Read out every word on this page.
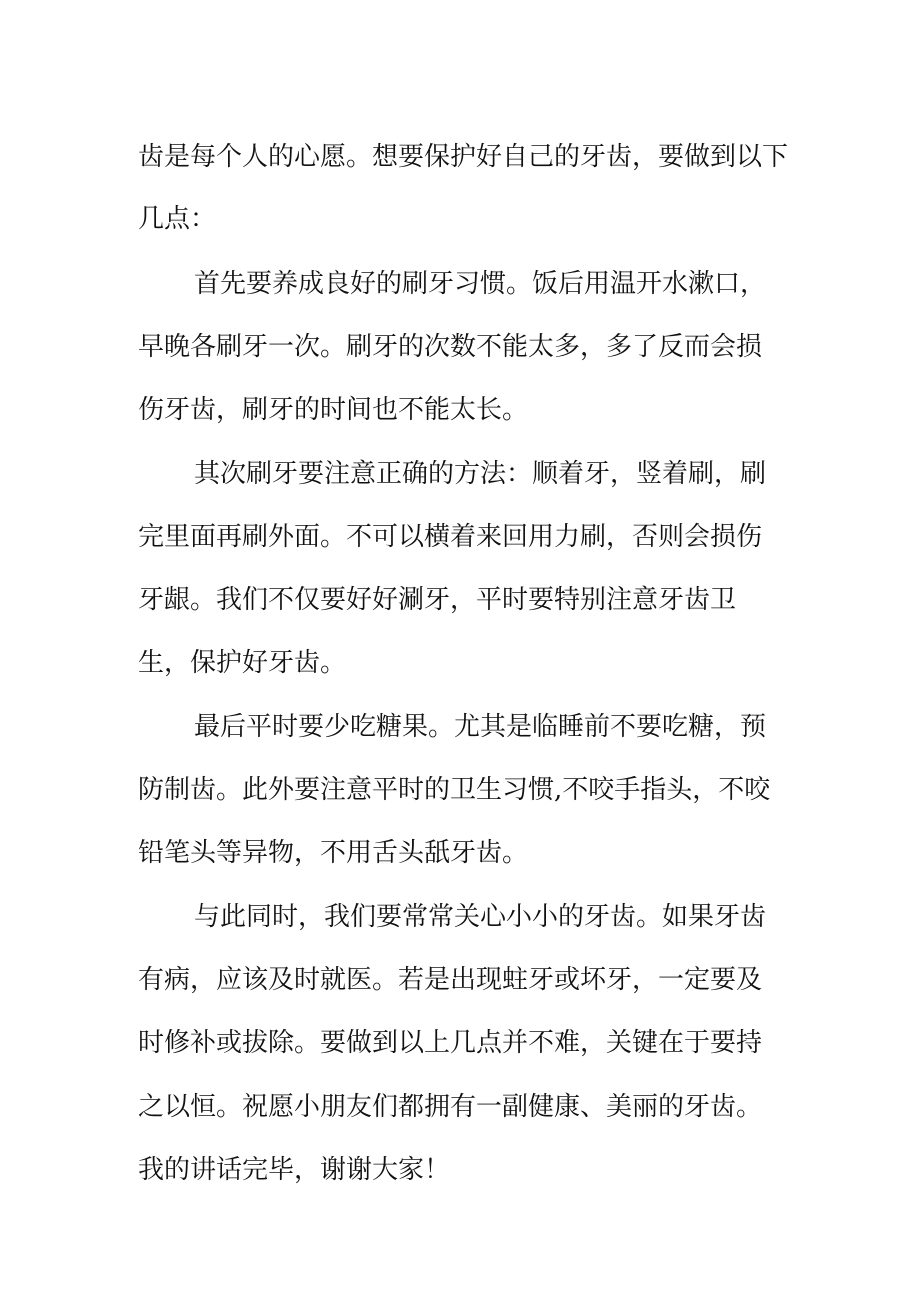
齿是每个人的心愿。想要保护好自己的牙齿，要做到以下
几点：
首先要养成良好的刷牙习惯。饭后用温开水漱口，
早晚各刷牙一次。刷牙的次数不能太多，多了反而会损
伤牙齿，刷牙的时间也不能太长。
其次刷牙要注意正确的方法：顺着牙，竖着刷，刷
完里面再刷外面。不可以横着来回用力刷，否则会损伤
牙龈。我们不仅要好好涮牙，平时要特别注意牙齿卫
生，保护好牙齿。
最后平时要少吃糖果。尤其是临睡前不要吃糖，预
防制齿。此外要注意平时的卫生习惯,不咬手指头，不咬
铅笔头等异物，不用舌头舐牙齿。
与此同时，我们要常常关心小小的牙齿。如果牙齿
有病，应该及时就医。若是出现蛀牙或坏牙，一定要及
时修补或拔除。要做到以上几点并不难，关键在于要持
之以恒。祝愿小朋友们都拥有一副健康、美丽的牙齿。
我的讲话完毕，谢谢大家！
